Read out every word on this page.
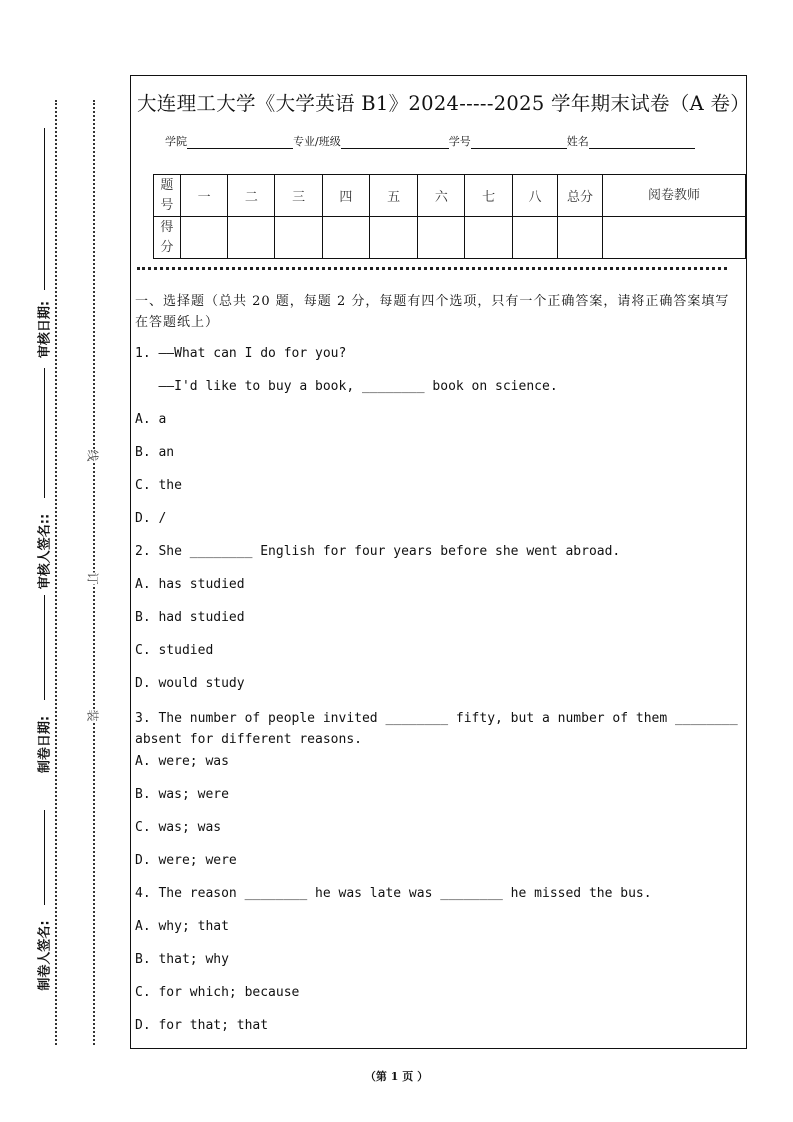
审核日期:
审核人签名::
制卷日期:
制卷人签名:
线
订
装
大连理工大学《大学英语 B1》2024-----2025 学年期末试卷（A 卷）
学院	专业/班级	学号	姓名
题号	一	二	三	四	五	六	七	八	总分	阅卷教师
得分										
一、选择题（总共 20 题，每题 2 分，每题有四个选项，只有一个正确答案，请将正确答案填写在答题纸上）
1. ——What can I do for you?
——I'd like to buy a book, ________ book on science.
A. a
B. an
C. the
D. /
2. She ________ English for four years before she went abroad.
A. has studied
B. had studied
C. studied
D. would study
3. The number of people invited ________ fifty, but a number of them ________ absent for different reasons.
A. were; was
B. was; were
C. was; was
D. were; were
4. The reason ________ he was late was ________ he missed the bus.
A. why; that
B. that; why
C. for which; because
D. for that; that
（第 1 页 ）
